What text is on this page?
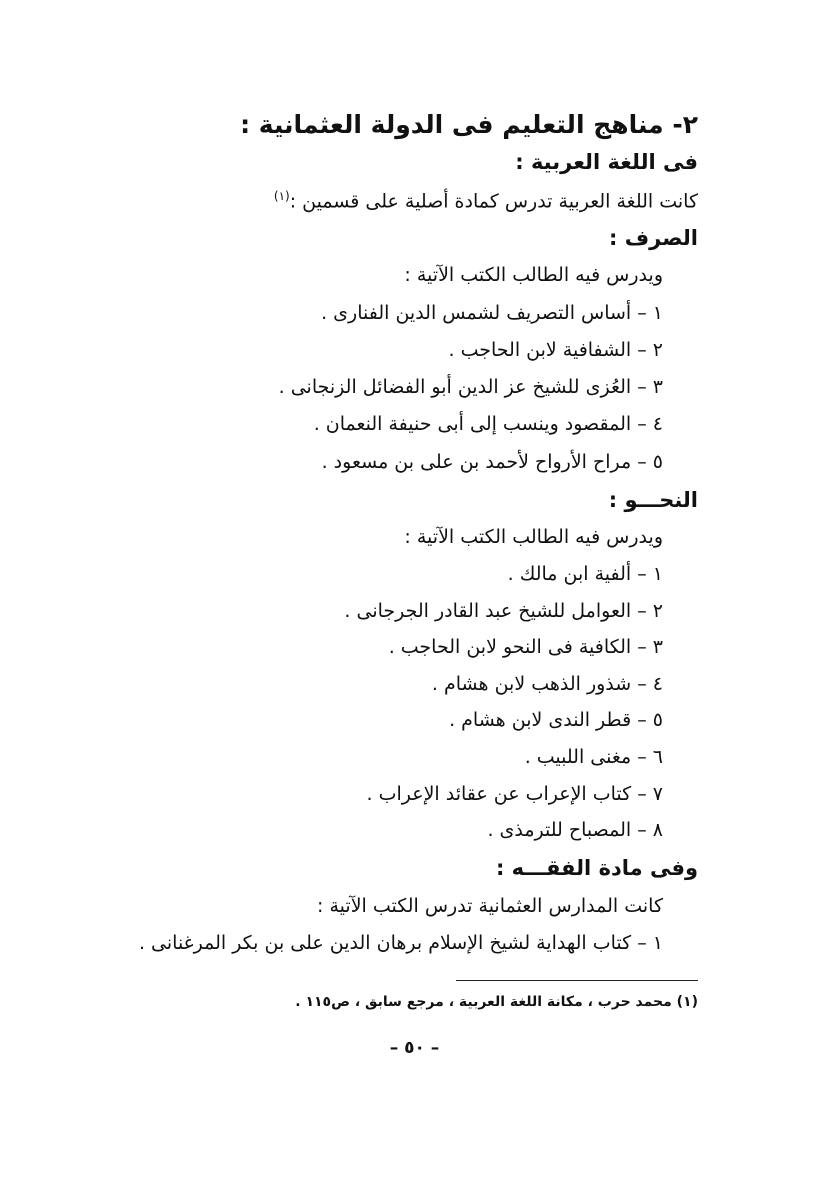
٢- مناهج التعليم فى الدولة العثمانية :
فى اللغة العربية :
كانت اللغة العربية تدرس كمادة أصلية على قسمين :$^{(١)}$
الصرف :
ويدرس فيه الطالب الكتب الآتية :
١ – أساس التصريف لشمس الدين الفنارى .
٢ – الشفافية لابن الحاجب .
٣ – العُزى للشيخ عز الدين أبو الفضائل الزنجانى .
٤ – المقصود وينسب إلى أبى حنيفة النعمان .
٥ – مراح الأرواح لأحمد بن على بن مسعود .
النحـــو :
ويدرس فيه الطالب الكتب الآتية :
١ – ألفية ابن مالك .
٢ – العوامل للشيخ عبد القادر الجرجانى .
٣ – الكافية فى النحو لابن الحاجب .
٤ – شذور الذهب لابن هشام .
٥ – قطر الندى لابن هشام .
٦ – مغنى اللبيب .
٧ – كتاب الإعراب عن عقائد الإعراب .
٨ – المصباح للترمذى .
وفى مادة الفقـــه :
كانت المدارس العثمانية تدرس الكتب الآتية :
١ – كتاب الهداية لشيخ الإسلام برهان الدين على بن بكر المرغنانى .
(١) محمد حرب ، مكانة اللغة العربية ، مرجع سابق ، ص١١٥ .
– ٥٠ –
